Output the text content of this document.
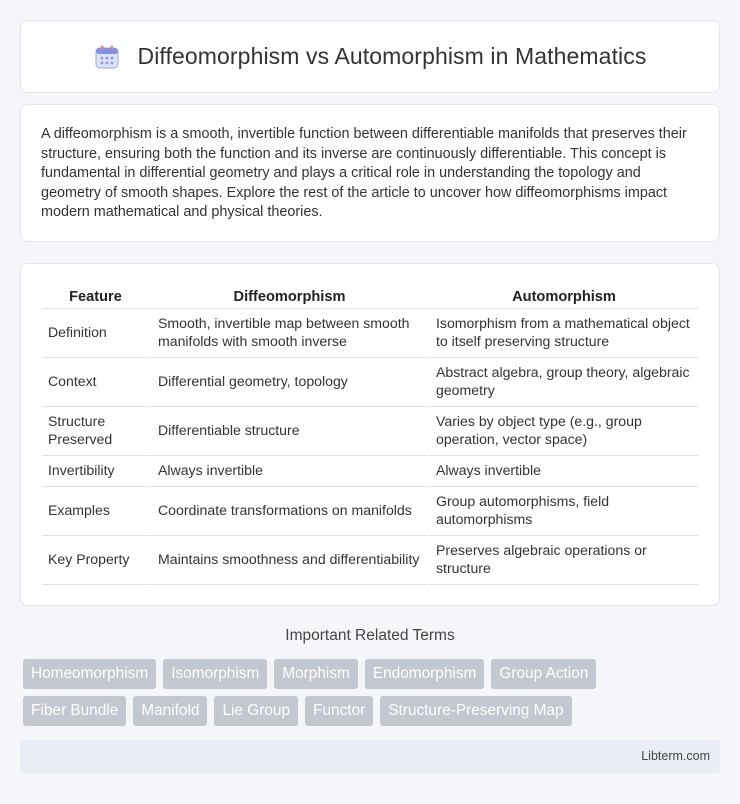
Diffeomorphism vs Automorphism in Mathematics

A diffeomorphism is a smooth, invertible function between differentiable manifolds that preserves their structure, ensuring both the function and its inverse are continuously differentiable. This concept is fundamental in differential geometry and plays a critical role in understanding the topology and geometry of smooth shapes. Explore the rest of the article to uncover how diffeomorphisms impact modern mathematical and physical theories.

Feature	Diffeomorphism	Automorphism
Definition	Smooth, invertible map between smooth manifolds with smooth inverse	Isomorphism from a mathematical object to itself preserving structure
Context	Differential geometry, topology	Abstract algebra, group theory, algebraic geometry
Structure Preserved	Differentiable structure	Varies by object type (e.g., group operation, vector space)
Invertibility	Always invertible	Always invertible
Examples	Coordinate transformations on manifolds	Group automorphisms, field automorphisms
Key Property	Maintains smoothness and differentiability	Preserves algebraic operations or structure
Important Related Terms
Homeomorphism	Isomorphism	Morphism	Endomorphism	Group Action
Fiber Bundle	Manifold	Lie Group	Functor	Structure-Preserving Map
Libterm.com
